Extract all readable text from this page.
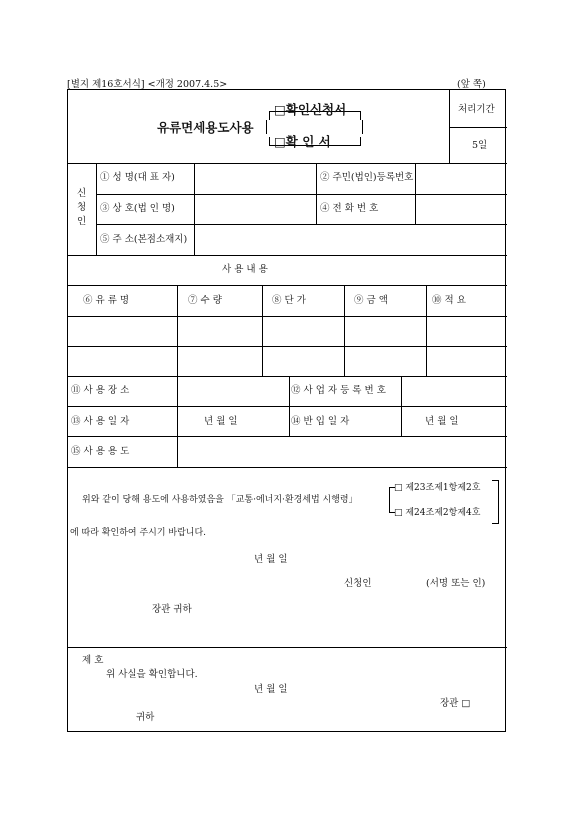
[별지 제16호서식] <개정 2007.4.5>	(앞 쪽)
유류면세용도사용
□확인신청서
□확 인 서
처리기간
5일
신
청
인
① 성 명(대 표 자)	② 주민(법인)등록번호
③ 상 호(법 인 명)	④ 전 화 번 호
⑤ 주 소(본점소재지)
사 용 내 용
⑥ 유 류 명	⑦ 수 량	⑧ 단 가	⑨ 금 액	⑩ 적 요
⑪ 사 용 장 소	⑫ 사 업 자 등 록 번 호
⑬ 사 용 일 자	년 월 일	⑭ 반 입 일 자	년 월 일
⑮ 사 용 용 도
위와 같이 당해 용도에 사용하였음을 「교통·에너지·환경세법 시행령」
□ 제23조제1항제2호
□ 제24조제2항제4호
에 따라 확인하여 주시기 바랍니다.
년 월 일
신청인	(서명 또는 인)
장관 귀하
제 호
위 사실을 확인합니다.
년 월 일
장관 □
귀하
